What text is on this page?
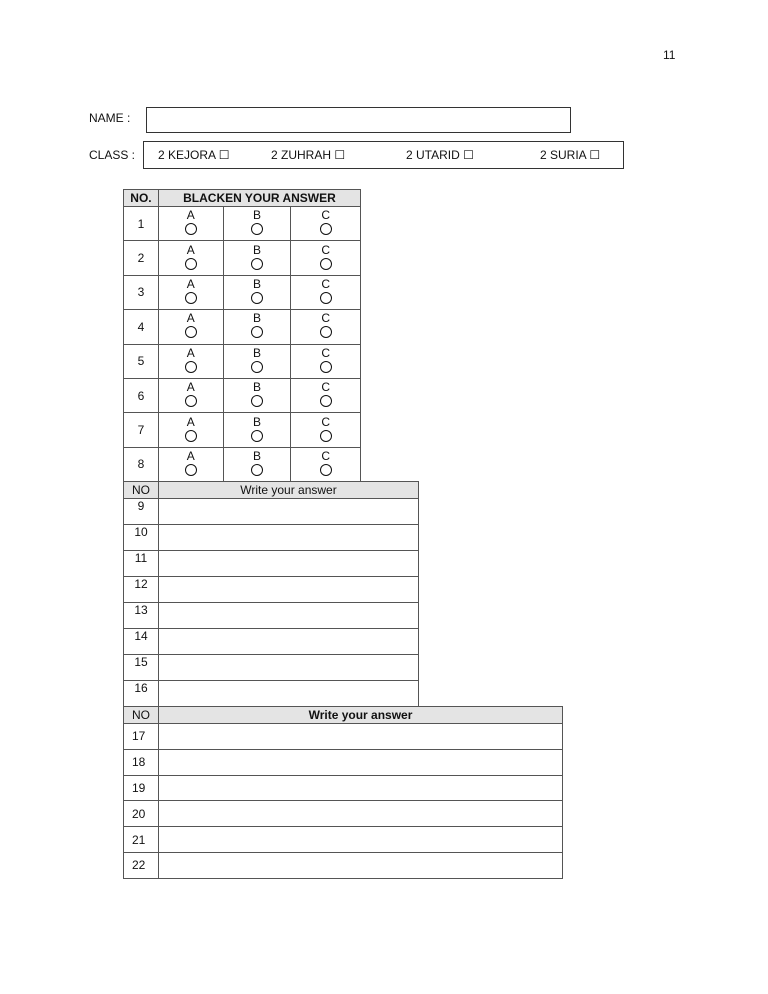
11
NAME :
CLASS : 2 KEJORA ☐	2 ZUHRAH ☐	2 UTARID ☐	2 SURIA ☐
NO.	BLACKEN YOUR ANSWER		
1	A	B	C

2	A	B	C

3	A	B	C

4	A	B	C

5	A	B	C

6	A	B	C

7	A	B	C

8	A	B	C
NO	Write your answer
9	
10	
11	
12	
13	
14	
15	
16	
NO	Write your answer
17	
18	
19	
20	
21	
22	
